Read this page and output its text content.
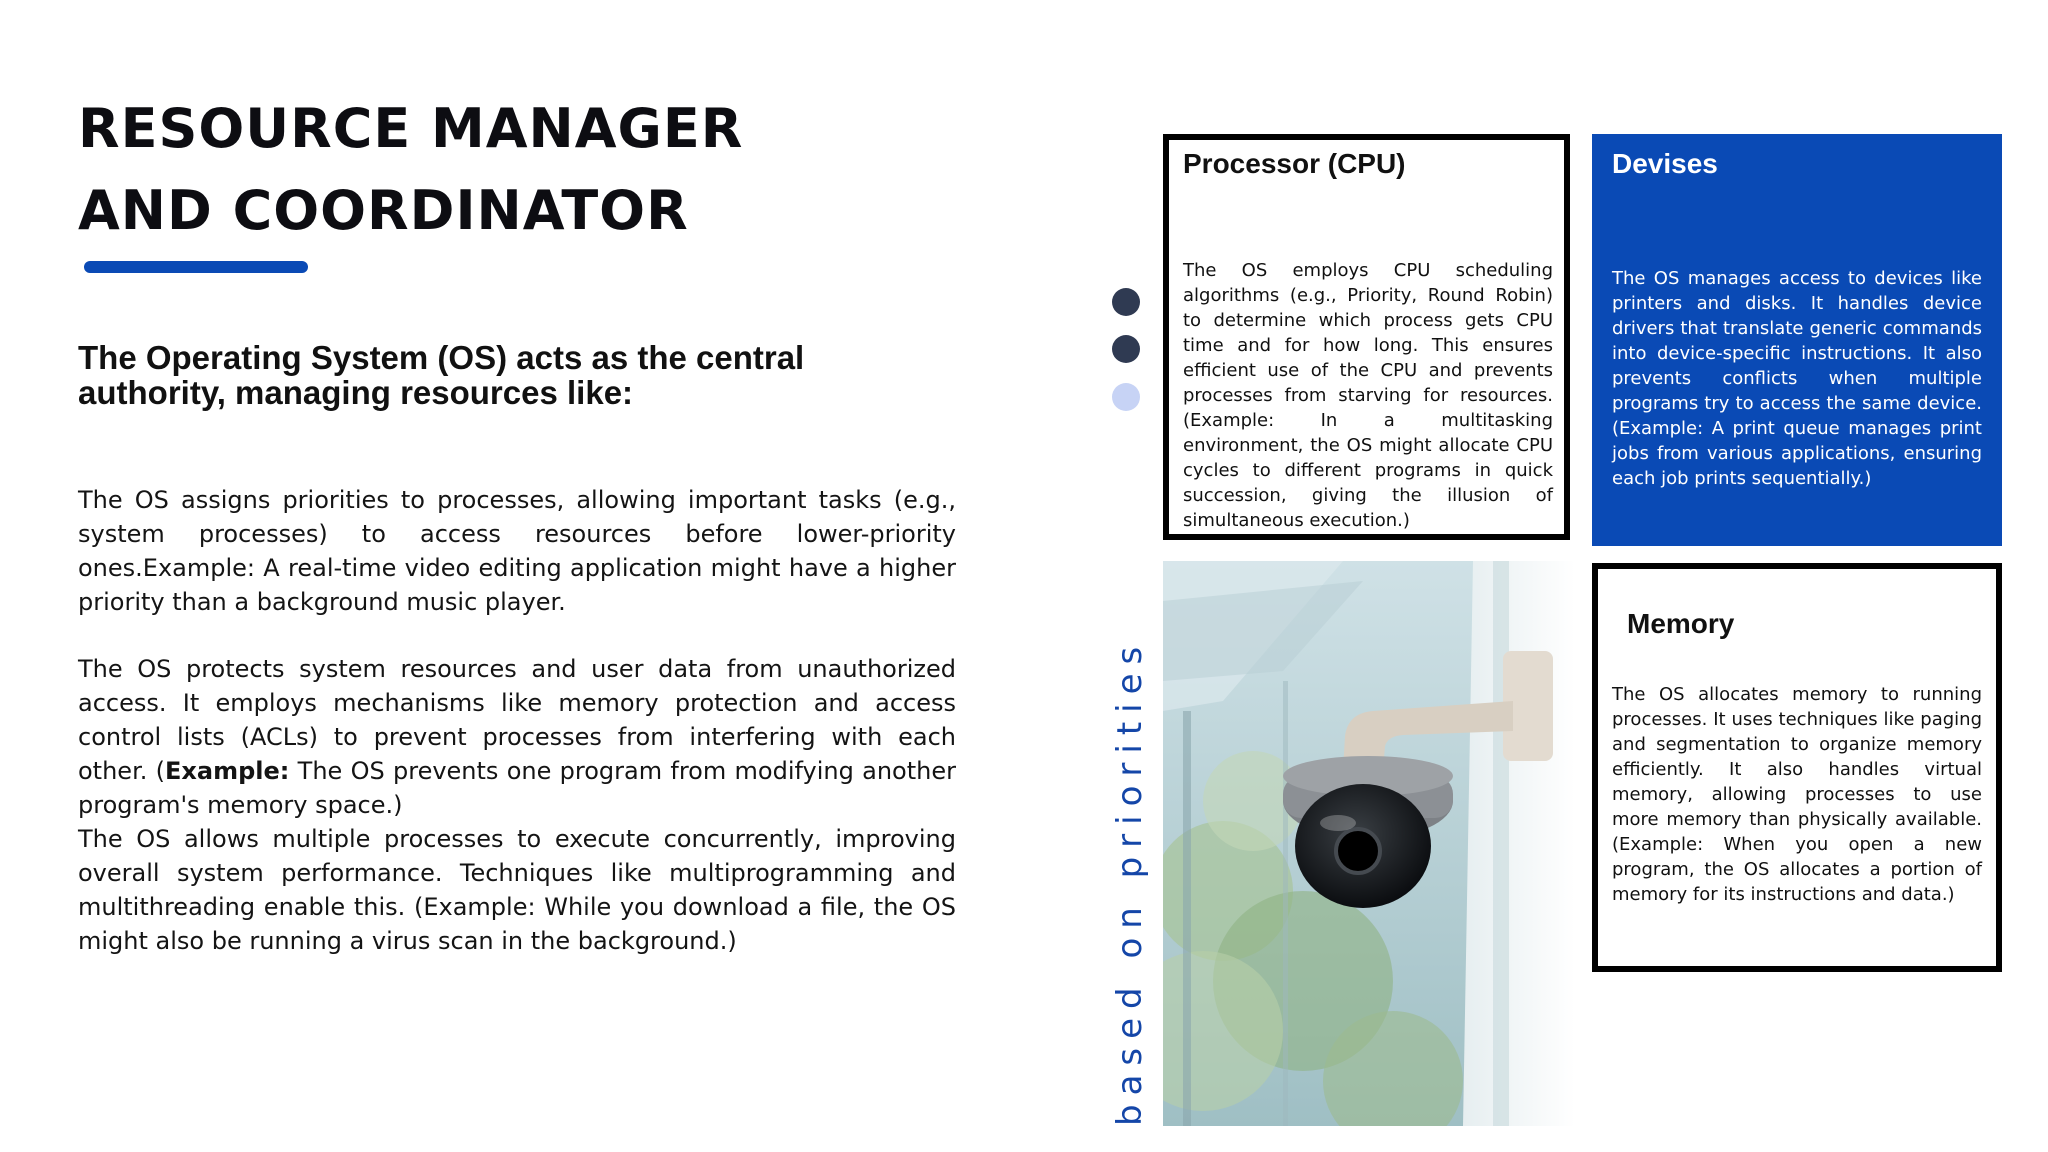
RESOURCE MANAGER AND COORDINATOR
The Operating System (OS) acts as the central authority, managing resources like:
The OS assigns priorities to processes, allowing important tasks (e.g., system processes) to access resources before lower-priority ones.Example: A real-time video editing application might have a higher priority than a background music player.
The OS protects system resources and user data from unauthorized access. It employs mechanisms like memory protection and access control lists (ACLs) to prevent processes from interfering with each other. (Example: The OS prevents one program from modifying another program's memory space.)
The OS allows multiple processes to execute concurrently, improving overall system performance. Techniques like multiprogramming and multithreading enable this. (Example: While you download a file, the OS might also be running a virus scan in the background.)	based on priorities
Processor (CPU)
The OS employs CPU scheduling algorithms (e.g., Priority, Round Robin) to determine which process gets CPU time and for how long. This ensures efficient use of the CPU and prevents processes from starving for resources. (Example: In a multitasking environment, the OS might allocate CPU cycles to different programs in quick succession, giving the illusion of simultaneous execution.)
Devises
The OS manages access to devices like printers and disks. It handles device drivers that translate generic commands into device-specific instructions. It also prevents conflicts when multiple programs try to access the same device. (Example: A print queue manages print jobs from various applications, ensuring each job prints sequentially.)
Memory
The OS allocates memory to running processes. It uses techniques like paging and segmentation to organize memory efficiently. It also handles virtual memory, allowing processes to use more memory than physically available. (Example: When you open a new program, the OS allocates a portion of memory for its instructions and data.)
